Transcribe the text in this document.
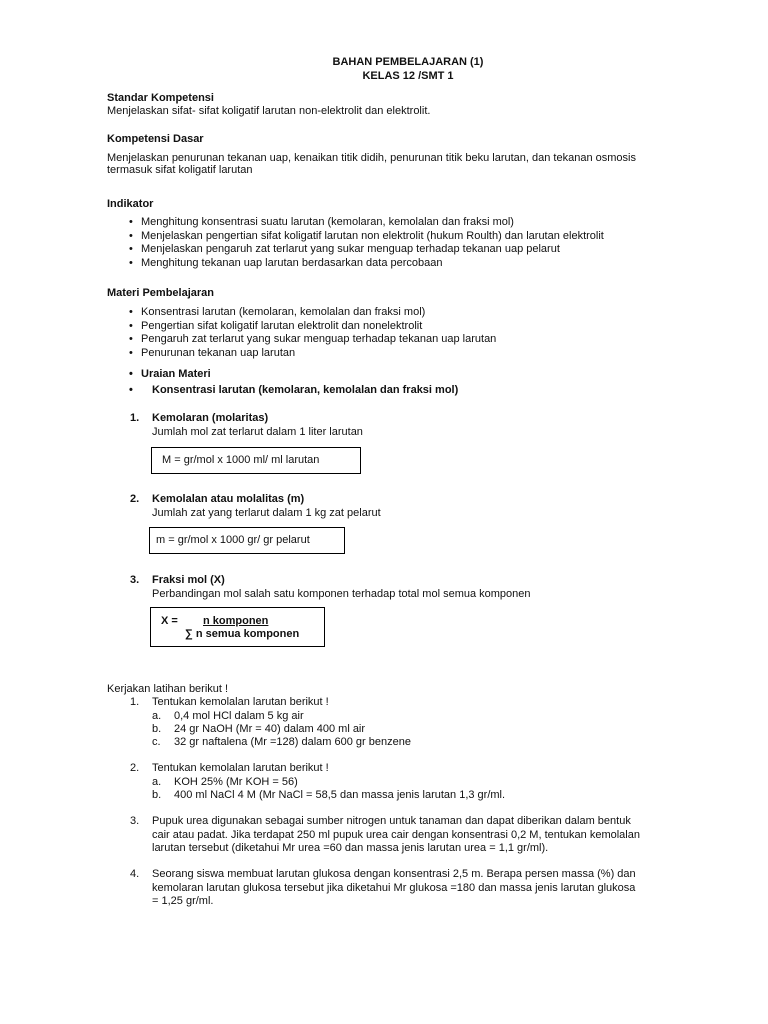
BAHAN PEMBELAJARAN (1)
KELAS 12 /SMT 1
Standar Kompetensi
Menjelaskan sifat- sifat koligatif larutan non-elektrolit dan elektrolit.
Kompetensi Dasar
Menjelaskan penurunan tekanan uap, kenaikan titik didih, penurunan titik beku larutan, dan tekanan osmosis
termasuk sifat koligatif larutan
Indikator
• Menghitung konsentrasi suatu larutan (kemolaran, kemolalan dan fraksi mol)
• Menjelaskan pengertian sifat koligatif larutan non elektrolit (hukum Roulth) dan larutan elektrolit
• Menjelaskan pengaruh zat terlarut yang sukar menguap terhadap tekanan uap pelarut
• Menghitung tekanan uap larutan berdasarkan data percobaan
Materi Pembelajaran
• Konsentrasi larutan (kemolaran, kemolalan dan fraksi mol)
• Pengertian sifat koligatif larutan elektrolit dan nonelektrolit
• Pengaruh zat terlarut yang sukar menguap terhadap tekanan uap larutan
• Penurunan tekanan uap larutan
• Uraian Materi
• Konsentrasi larutan (kemolaran, kemolalan dan fraksi mol)
1. Kemolaran (molaritas)
Jumlah mol zat terlarut dalam 1 liter larutan
M = gr/mol x 1000 ml/ ml larutan
2. Kemolalan atau molalitas (m)
Jumlah zat yang terlarut dalam 1 kg zat pelarut
m = gr/mol x 1000 gr/ gr pelarut
3. Fraksi mol (X)
Perbandingan mol salah satu komponen terhadap total mol semua komponen
X = n komponen
∑ n semua komponen
Kerjakan latihan berikut !
1. Tentukan kemolalan larutan berikut !
a. 0,4 mol HCl dalam 5 kg air
b. 24 gr NaOH (Mr = 40) dalam 400 ml air
c. 32 gr naftalena (Mr =128) dalam 600 gr benzene
2. Tentukan kemolalan larutan berikut !
a. KOH 25% (Mr KOH = 56)
b. 400 ml NaCl 4 M (Mr NaCl = 58,5 dan massa jenis larutan 1,3 gr/ml.
3. Pupuk urea digunakan sebagai sumber nitrogen untuk tanaman dan dapat diberikan dalam bentuk
cair atau padat. Jika terdapat 250 ml pupuk urea cair dengan konsentrasi 0,2 M, tentukan kemolalan
larutan tersebut (diketahui Mr urea =60 dan massa jenis larutan urea = 1,1 gr/ml).
4. Seorang siswa membuat larutan glukosa dengan konsentrasi 2,5 m. Berapa persen massa (%) dan
kemolaran larutan glukosa tersebut jika diketahui Mr glukosa =180 dan massa jenis larutan glukosa
= 1,25 gr/ml.
